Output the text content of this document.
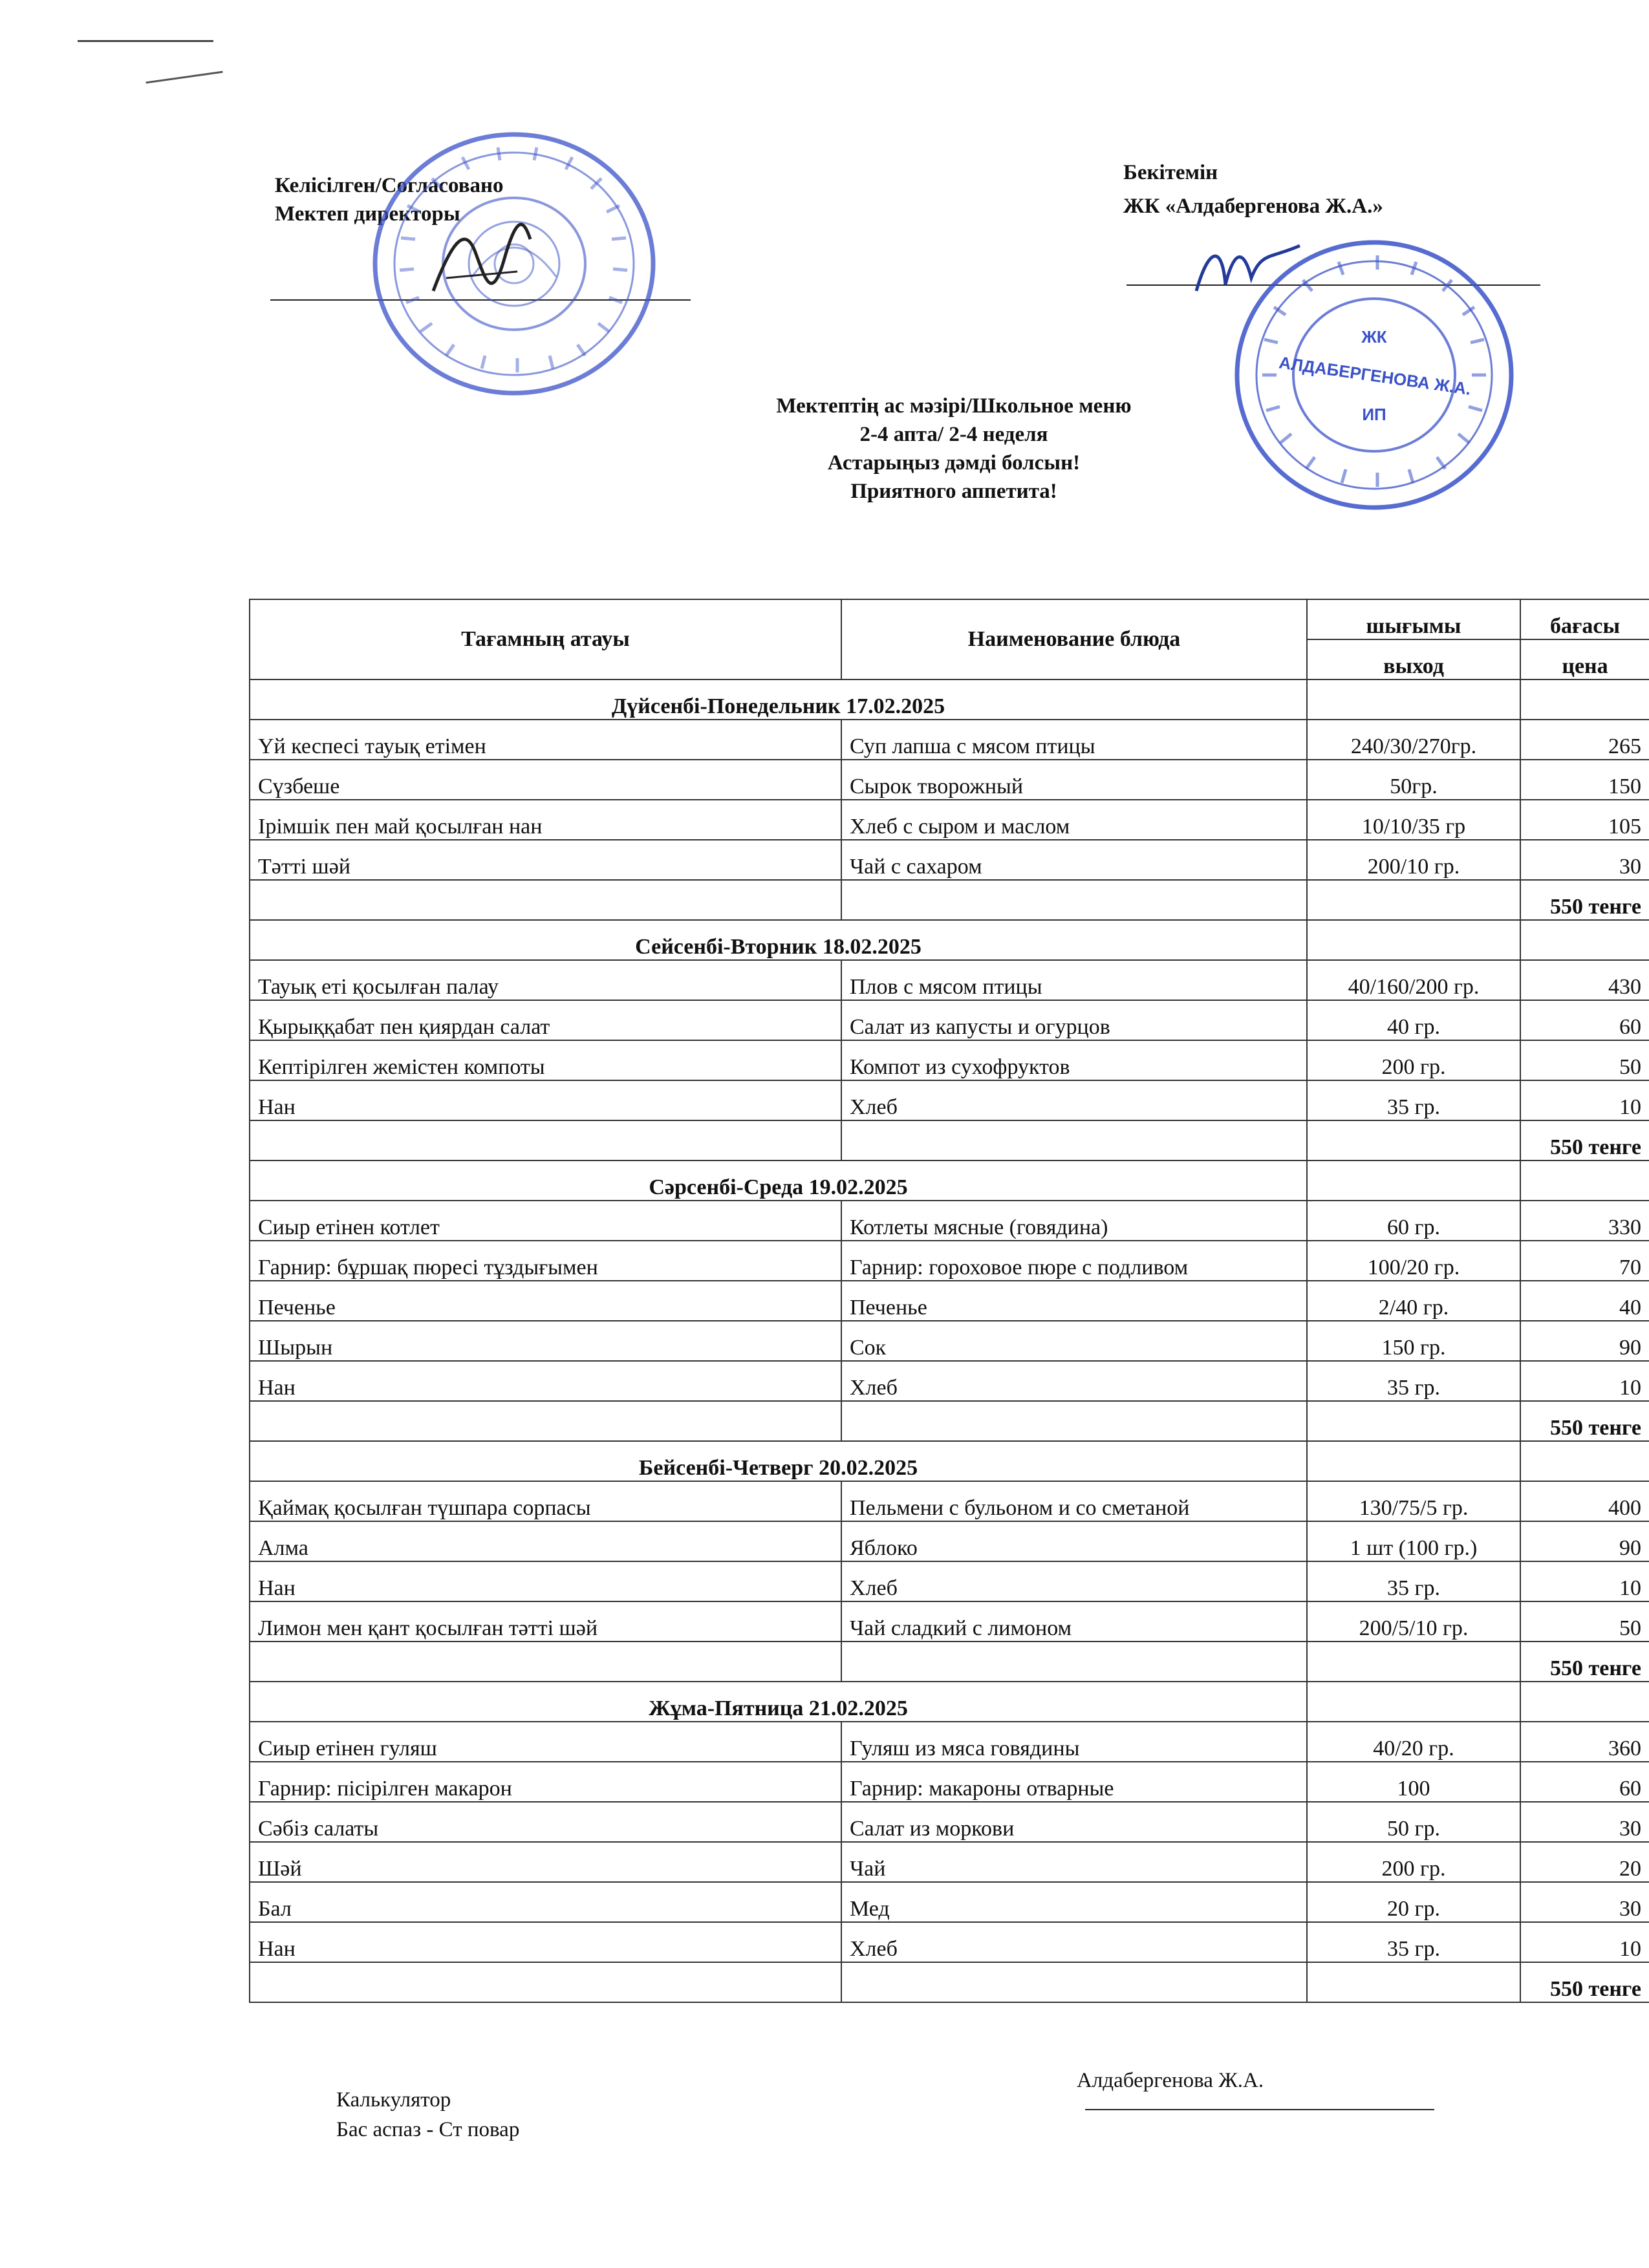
Келісілген/Согласовано
Мектеп директоры
Бекітемін
ЖК «Алдабергенова Ж.А.»
ЖК
АЛДАБЕРГЕНОВА Ж.А.
ИП
Мектептің ас мәзірі/Школьное меню
2-4 апта/ 2-4 неделя
Астарыңыз дәмді болсын!
Приятного аппетита!
Тағамның атауы	Наименование блюда	шығымы	бағасы
		выход	цена
Дүйсенбі-Понедельник 17.02.2025			
Үй кеспесі тауық етімен	Суп лапша с мясом птицы	240/30/270гр.	265
Сүзбеше	Сырок творожный	50гр.	150
Ірімшік пен май қосылған нан	Хлеб с сыром и маслом	10/10/35 гр	105
Тәтті шәй	Чай с сахаром	200/10 гр.	30
			550 тенге
Сейсенбі-Вторник 18.02.2025			
Тауық еті қосылған палау	Плов с мясом птицы	40/160/200 гр.	430
Қырыққабат пен қиярдан салат	Салат из капусты и огурцов	40 гр.	60
Кептірілген жемістен компоты	Компот из сухофруктов	200 гр.	50
Нан	Хлеб	35 гр.	10
			550 тенге
Сәрсенбі-Среда 19.02.2025			
Сиыр етінен котлет	Котлеты мясные (говядина)	60 гр.	330
Гарнир: бұршақ пюресі тұздығымен	Гарнир: гороховое пюре с подливом	100/20 гр.	70
Печенье	Печенье	2/40 гр.	40
Шырын	Сок	150 гр.	90
Нан	Хлеб	35 гр.	10
			550 тенге
Бейсенбі-Четверг 20.02.2025			
Қаймақ қосылған түшпара сорпасы	Пельмени с бульоном и со сметаной	130/75/5 гр.	400
Алма	Яблоко	1 шт (100 гр.)	90
Нан	Хлеб	35 гр.	10
Лимон мен қант қосылған тәтті шәй	Чай сладкий с лимоном	200/5/10 гр.	50
			550 тенге
Жұма-Пятница 21.02.2025			
Сиыр етінен гуляш	Гуляш из мяса говядины	40/20 гр.	360
Гарнир: пісірілген макарон	Гарнир: макароны отварные	100	60
Сәбіз салаты	Салат из моркови	50 гр.	30
Шәй	Чай	200 гр.	20
Бал	Мед	20 гр.	30
Нан	Хлеб	35 гр.	10
			550 тенге
Калькулятор
Бас аспаз - Ст повар
Алдабергенова Ж.А.
